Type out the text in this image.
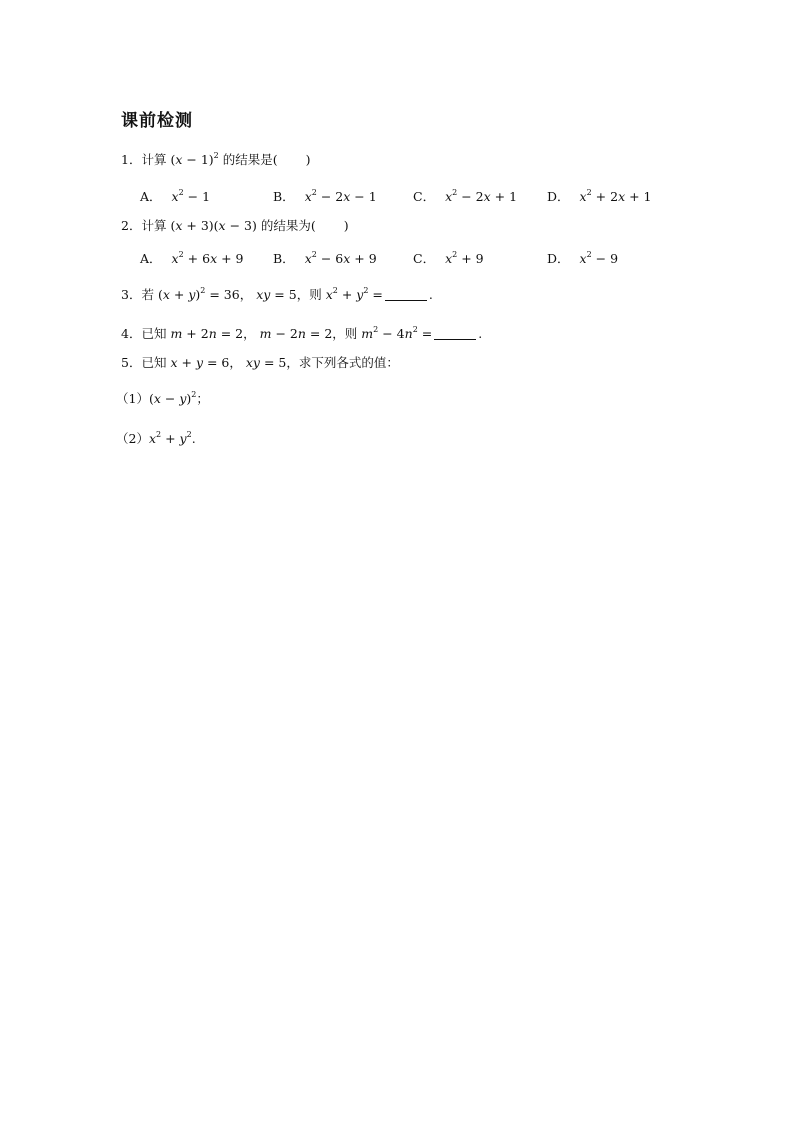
课前检测
1．计算 $(x - 1)^2$ 的结果是( )
A． $x^2 - 1$	B． $x^2 - 2x - 1$	C． $x^2 - 2x + 1$ D． $x^2 + 2x + 1$
2．计算 (x + 3)(x − 3) 的结果为( )
A． $x^2 + 6x + 9$ B． $x^2 - 6x + 9$	C． $x^2 + 9$	D． $x^2 - 9$
3．若 $(x + y)^2 = 36$， xy = 5，则 $x^2 + y^2$ =	.
4．已知 m + 2n = 2， m − 2n = 2，则 $m^2 - 4n^2$ =	.
5．已知 x + y = 6， xy = 5，求下列各式的值：
$(1)(x - y)^2$；
$(2)x^2 + y^2$.
